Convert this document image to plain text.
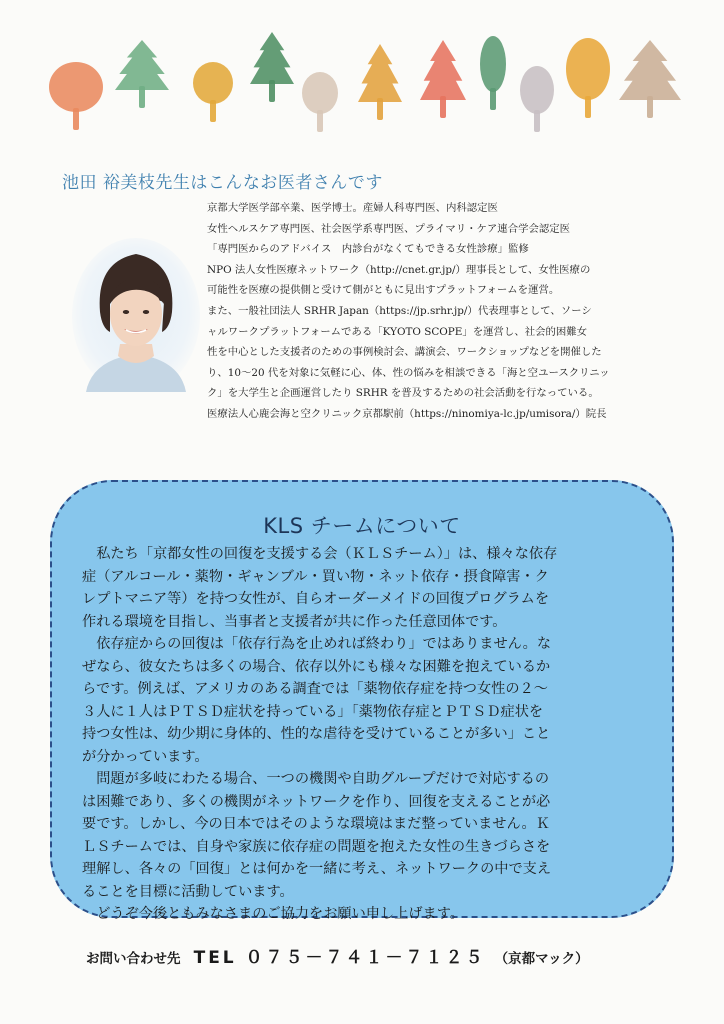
池田 裕美枝先生はこんなお医者さんです
京都大学医学部卒業、医学博士。産婦人科専門医、内科認定医
女性ヘルスケア専門医、社会医学系専門医、プライマリ・ケア連合学会認定医
「専門医からのアドバイス　内診台がなくてもできる女性診療」監修
NPO 法人女性医療ネットワーク（http://cnet.gr.jp/）理事長として、女性医療の
可能性を医療の提供側と受けて側がともに見出すプラットフォームを運営。
また、一般社団法人 SRHR Japan（https://jp.srhr.jp/）代表理事として、ソーシ
ャルワークプラットフォームである「KYOTO SCOPE」を運営し、社会的困難女
性を中心とした支援者のための事例検討会、講演会、ワークショップなどを開催した
り、10～20 代を対象に気軽に心、体、性の悩みを相談できる「海と空ユースクリニッ
ク」を大学生と企画運営したり SRHR を普及するための社会活動を行なっている。
医療法人心鹿会海と空クリニック京都駅前（https://ninomiya-lc.jp/umisora/）院長
KLS チームについて
　私たち「京都女性の回復を支援する会（ＫＬＳチーム）」は、様々な依存
症（アルコール・薬物・ギャンブル・買い物・ネット依存・摂食障害・ク
レプトマニア等）を持つ女性が、自らオーダーメイドの回復プログラムを
作れる環境を目指し、当事者と支援者が共に作った任意団体です。
　依存症からの回復は「依存行為を止めれば終わり」ではありません。な
ぜなら、彼女たちは多くの場合、依存以外にも様々な困難を抱えているか
らです。例えば、アメリカのある調査では「薬物依存症を持つ女性の２～
３人に１人はＰＴＳＤ症状を持っている」「薬物依存症とＰＴＳＤ症状を
持つ女性は、幼少期に身体的、性的な虐待を受けていることが多い」こと
が分かっています。
　問題が多岐にわたる場合、一つの機関や自助グループだけで対応するの
は困難であり、多くの機関がネットワークを作り、回復を支えることが必
要です。しかし、今の日本ではそのような環境はまだ整っていません。Ｋ
ＬＳチームでは、自身や家族に依存症の問題を抱えた女性の生きづらさを
理解し、各々の「回復」とは何かを一緒に考え、ネットワークの中で支え
ることを目標に活動しています。
　どうぞ今後ともみなさまのご協力をお願い申し上げます。
お問い合わせ先 TEL ０７５－７４１－７１２５ （京都マック）
